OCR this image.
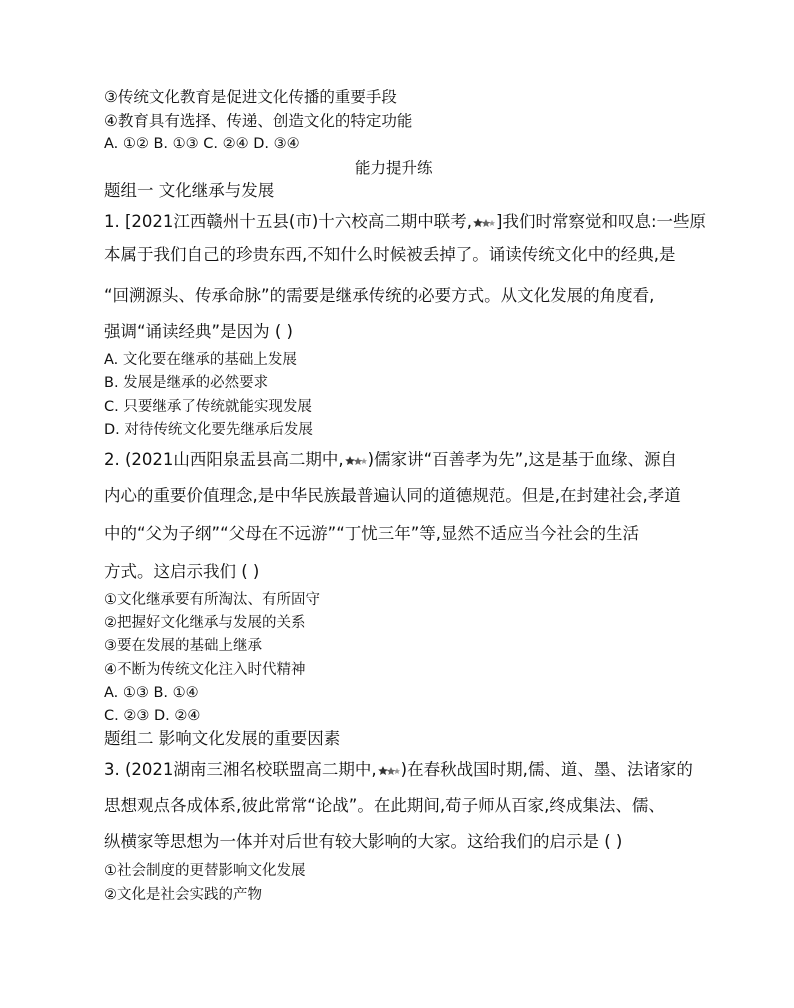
③传统文化教育是促进文化传播的重要手段
④教育具有选择、传递、创造文化的特定功能
A. ①② B. ①③ C. ②④ D. ③④
能力提升练
题组一 文化继承与发展
1. [2021江西赣州十五县(市)十六校高二期中联考, ]我们时常察觉和叹息:一些原
本属于我们自己的珍贵东西,不知什么时候被丢掉了。诵读传统文化中的经典,是
“回溯源头、传承命脉”的需要是继承传统的必要方式。从文化发展的角度看,
强调“诵读经典”是因为 ( )
A. 文化要在继承的基础上发展
B. 发展是继承的必然要求
C. 只要继承了传统就能实现发展
D. 对待传统文化要先继承后发展
2. (2021山西阳泉盂县高二期中, )儒家讲“百善孝为先”,这是基于血缘、源自
内心的重要价值理念,是中华民族最普遍认同的道德规范。但是,在封建社会,孝道
中的“父为子纲”“父母在不远游”“丁忧三年”等,显然不适应当今社会的生活
方式。这启示我们 ( )
①文化继承要有所淘汰、有所固守
②把握好文化继承与发展的关系
③要在发展的基础上继承
④不断为传统文化注入时代精神
A. ①③ B. ①④
C. ②③ D. ②④
题组二 影响文化发展的重要因素
3. (2021湖南三湘名校联盟高二期中, )在春秋战国时期,儒、道、墨、法诸家的
思想观点各成体系,彼此常常“论战”。在此期间,荀子师从百家,终成集法、儒、
纵横家等思想为一体并对后世有较大影响的大家。这给我们的启示是 ( )
①社会制度的更替影响文化发展
②文化是社会实践的产物
